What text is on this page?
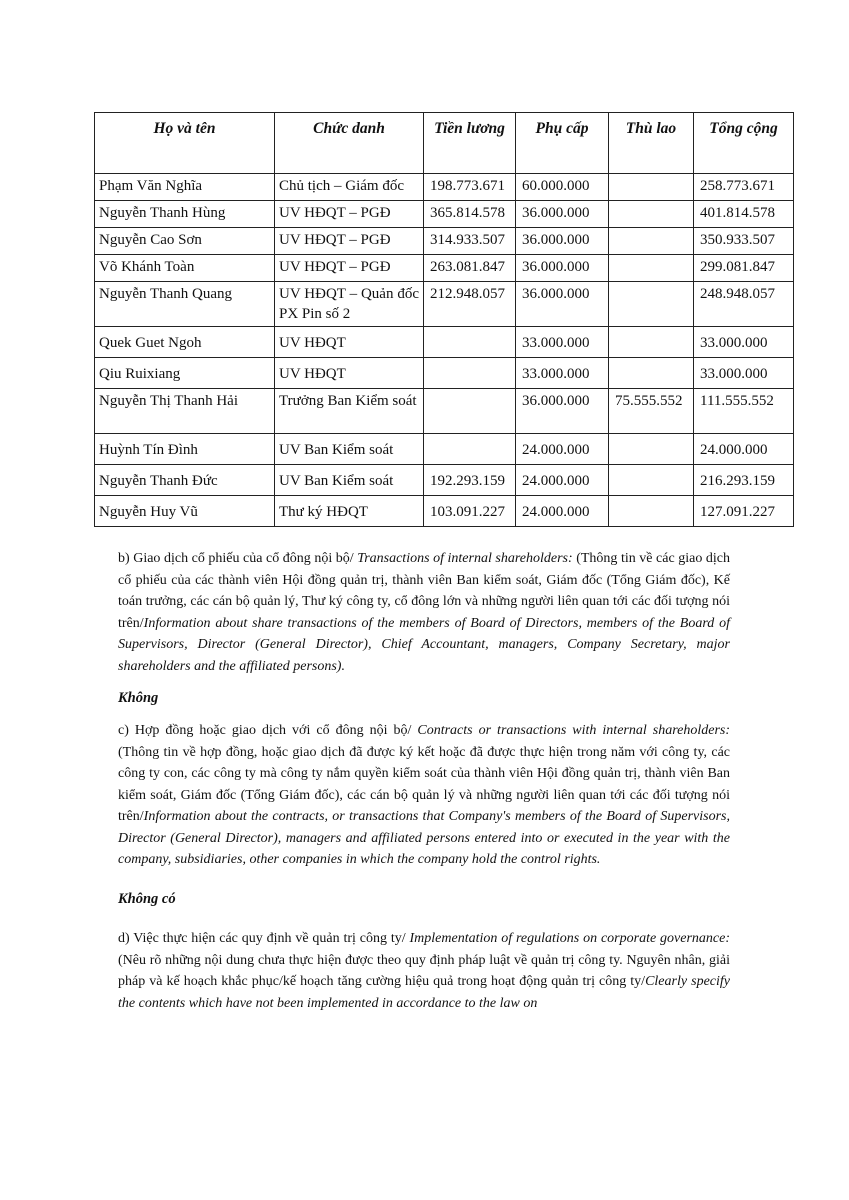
Họ và tên	Chức danh	Tiền lương	Phụ cấp	Thù lao	Tổng cộng
Phạm Văn Nghĩa	Chủ tịch – Giám đốc	198.773.671	60.000.000		258.773.671
Nguyễn Thanh Hùng	UV HĐQT – PGĐ	365.814.578	36.000.000		401.814.578
Nguyễn Cao Sơn	UV HĐQT – PGĐ	314.933.507	36.000.000		350.933.507
Võ Khánh Toàn	UV HĐQT – PGĐ	263.081.847	36.000.000		299.081.847
Nguyễn Thanh Quang	UV HĐQT – Quản đốc PX Pin số 2	212.948.057	36.000.000		248.948.057
Quek Guet Ngoh	UV HĐQT		33.000.000		33.000.000
Qiu Ruixiang	UV HĐQT		33.000.000		33.000.000
Nguyễn Thị Thanh Hải	Trưởng Ban Kiểm soát		36.000.000	75.555.552	111.555.552
Huỳnh Tín Đình	UV Ban Kiểm soát		24.000.000		24.000.000
Nguyễn Thanh Đức	UV Ban Kiểm soát	192.293.159	24.000.000		216.293.159
Nguyễn Huy Vũ	Thư ký HĐQT	103.091.227	24.000.000		127.091.227

b) Giao dịch cổ phiếu của cổ đông nội bộ/ Transactions of internal shareholders: (Thông tin về các giao dịch cổ phiếu của các thành viên Hội đồng quản trị, thành viên Ban kiểm soát, Giám đốc (Tổng Giám đốc), Kế toán trưởng, các cán bộ quản lý, Thư ký công ty, cổ đông lớn và những người liên quan tới các đối tượng nói trên/Information about share transactions of the members of Board of Directors, members of the Board of Supervisors, Director (General Director), Chief Accountant, managers, Company Secretary, major shareholders and the affiliated persons).

Không

c) Hợp đồng hoặc giao dịch với cổ đông nội bộ/ Contracts or transactions with internal shareholders: (Thông tin về hợp đồng, hoặc giao dịch đã được ký kết hoặc đã được thực hiện trong năm với công ty, các công ty con, các công ty mà công ty nắm quyền kiểm soát của thành viên Hội đồng quản trị, thành viên Ban kiểm soát, Giám đốc (Tổng Giám đốc), các cán bộ quản lý và những người liên quan tới các đối tượng nói trên/Information about the contracts, or transactions that Company's members of the Board of Supervisors, Director (General Director), managers and affiliated persons entered into or executed in the year with the company, subsidiaries, other companies in which the company hold the control rights.

Không có

d) Việc thực hiện các quy định về quản trị công ty/ Implementation of regulations on corporate governance: (Nêu rõ những nội dung chưa thực hiện được theo quy định pháp luật về quản trị công ty. Nguyên nhân, giải pháp và kế hoạch khắc phục/kế hoạch tăng cường hiệu quả trong hoạt động quản trị công ty/Clearly specify the contents which have not been implemented in accordance to the law on
